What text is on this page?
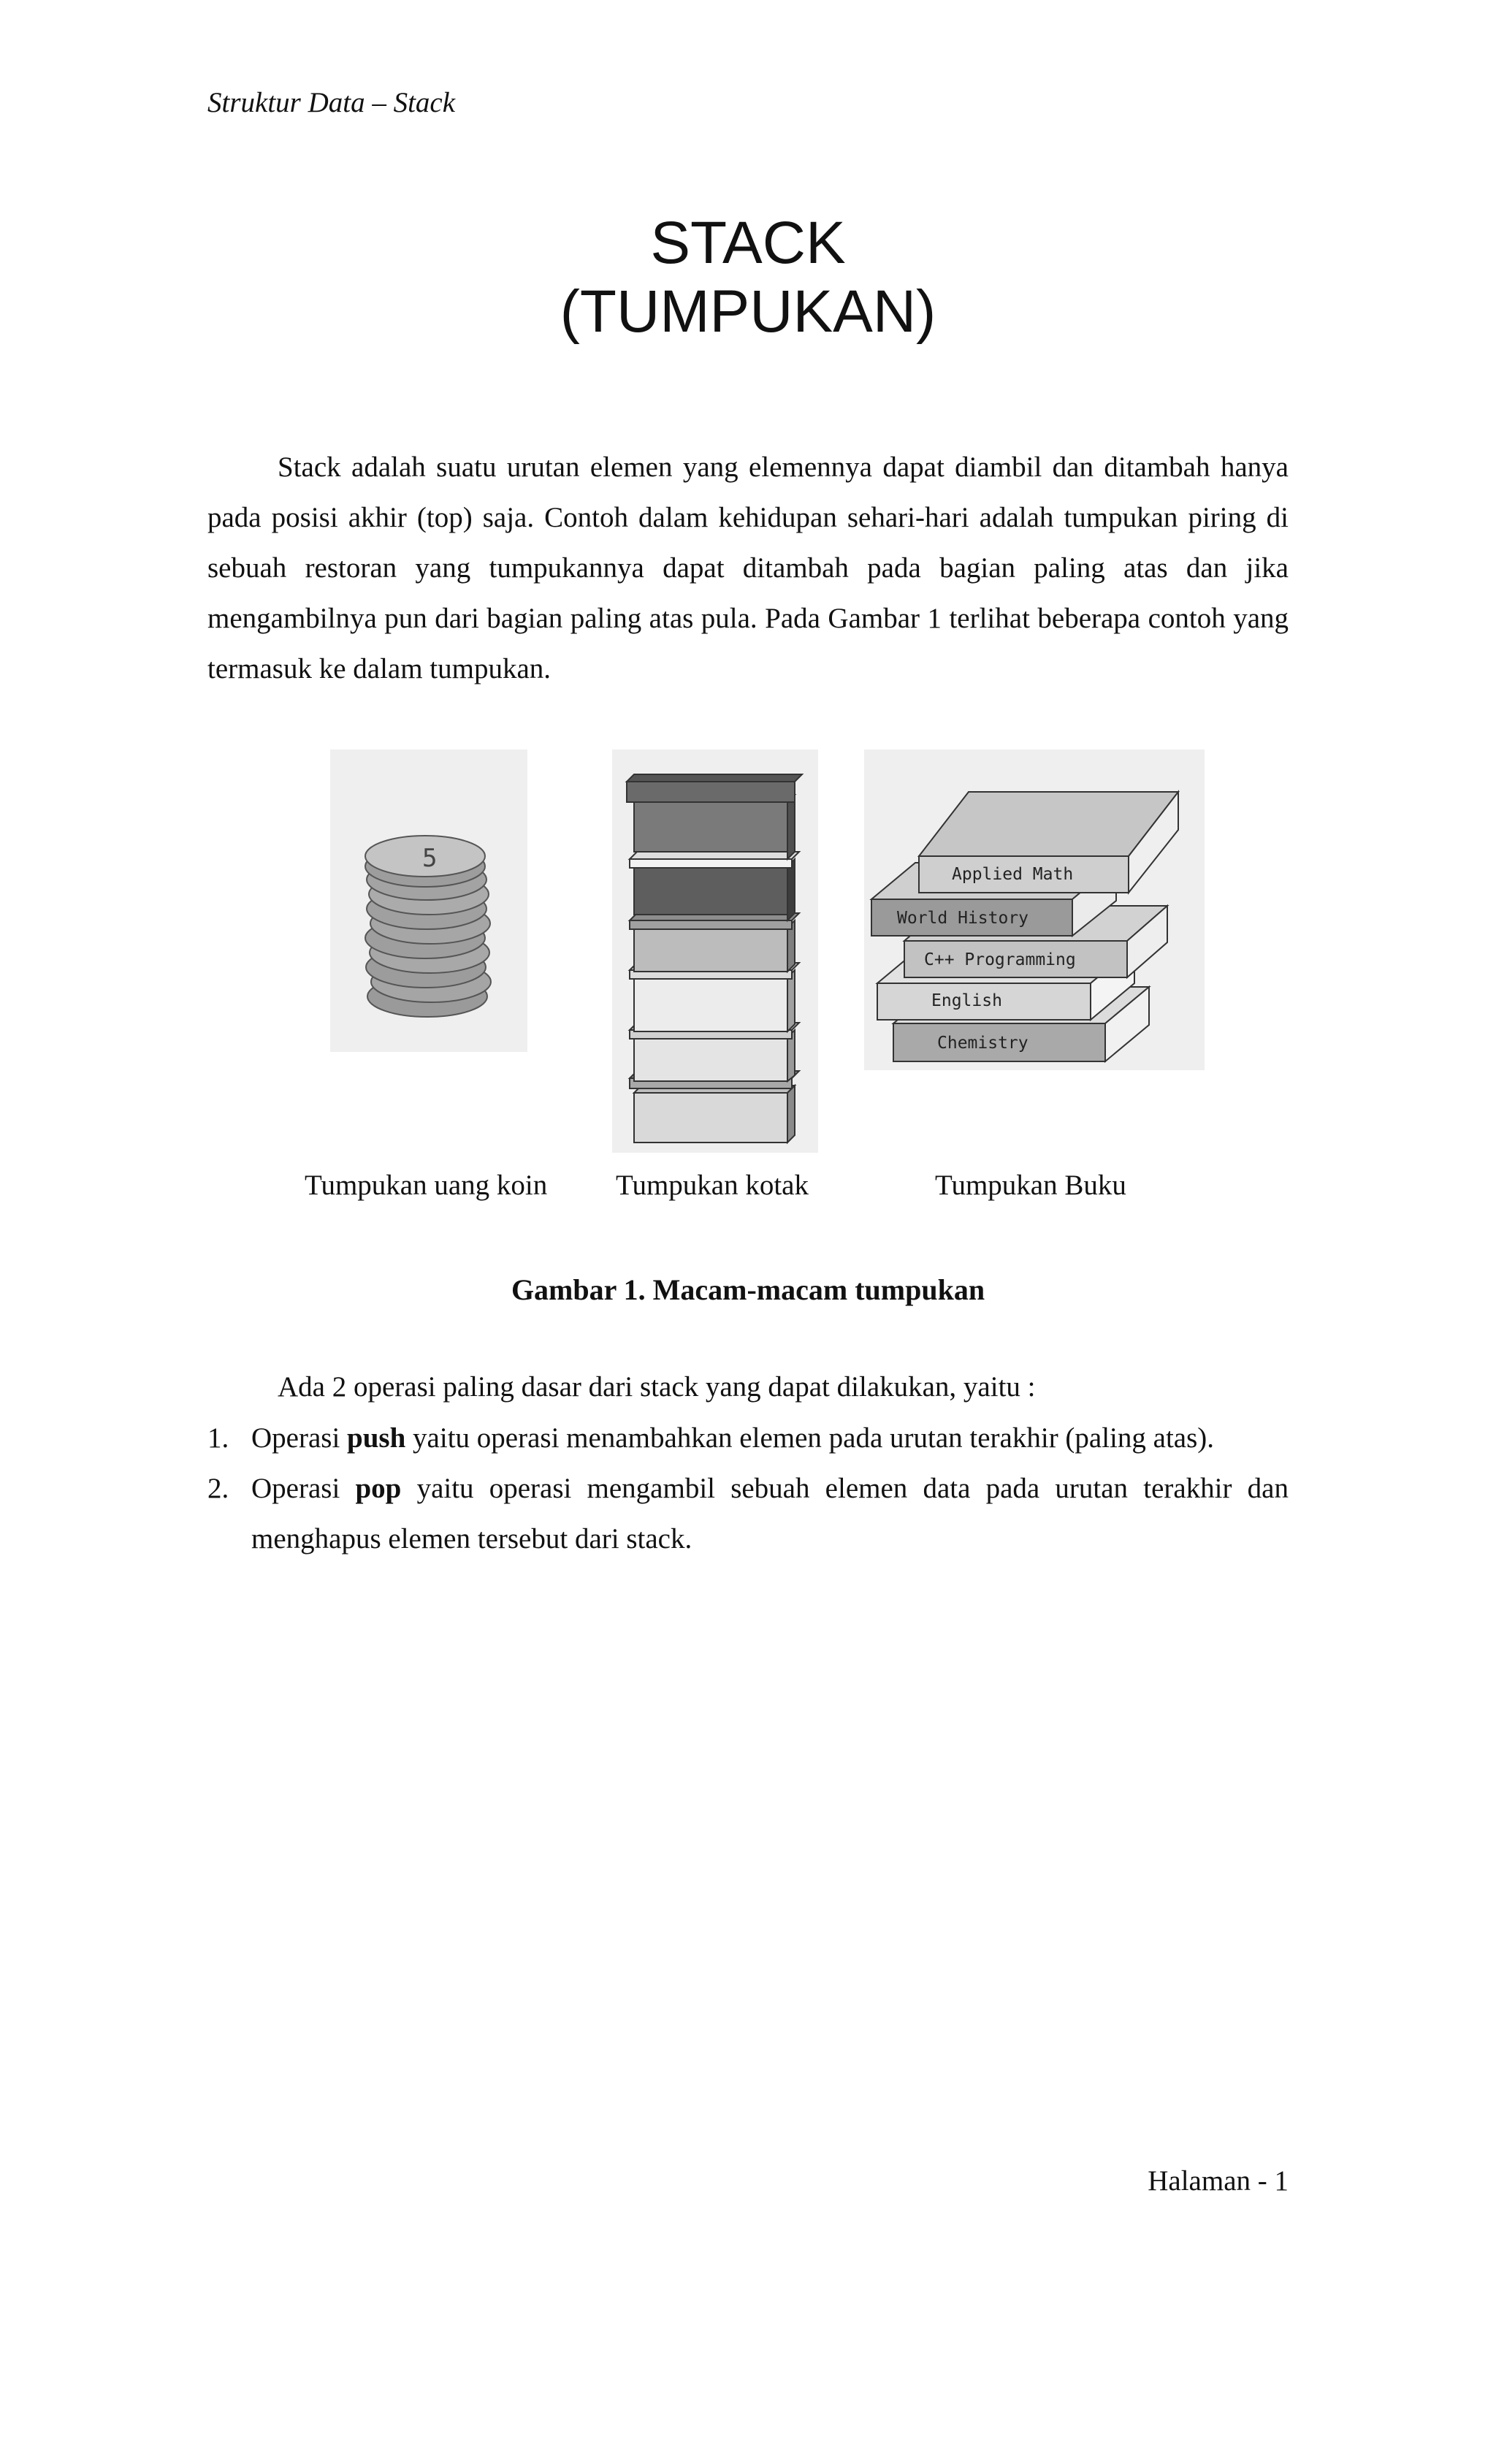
Struktur Data – Stack
STACK
(TUMPUKAN)
Stack adalah suatu urutan elemen yang elemennya dapat diambil dan ditambah hanya pada posisi akhir (top) saja. Contoh dalam kehidupan sehari-hari adalah tumpukan piring di sebuah restoran yang tumpukannya dapat ditambah pada bagian paling atas dan jika mengambilnya pun dari bagian paling atas pula. Pada Gambar 1 terlihat beberapa contoh yang termasuk ke dalam tumpukan.
5
Applied Math
World History
C++ Programming
English
Chemistry
Tumpukan uang koin Tumpukan kotak	Tumpukan Buku
Gambar 1. Macam-macam tumpukan
Ada 2 operasi paling dasar dari stack yang dapat dilakukan, yaitu :
1. Operasi push yaitu operasi menambahkan elemen pada urutan terakhir (paling atas).
2. Operasi pop yaitu operasi mengambil sebuah elemen data pada urutan terakhir dan menghapus elemen tersebut dari stack.
Halaman - 1
